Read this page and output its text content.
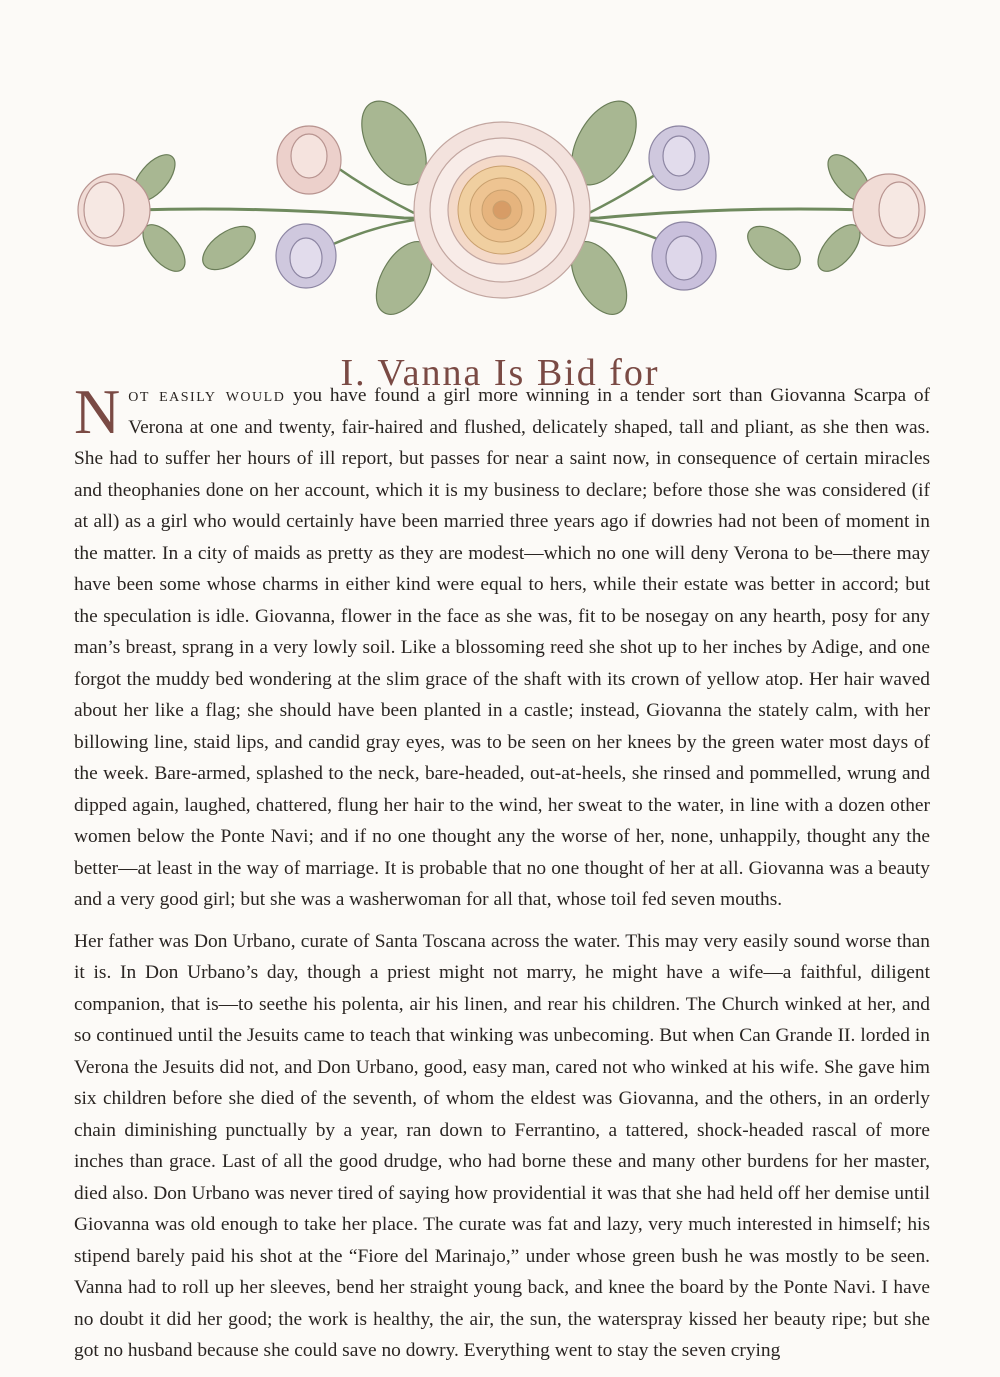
I. Vanna Is Bid for

Not easily would you have found a girl more winning in a tender sort than Giovanna Scarpa of Verona at one and twenty, fair-haired and flushed, delicately shaped, tall and pliant, as she then was. She had to suffer her hours of ill report, but passes for near a saint now, in consequence of certain miracles and theophanies done on her account, which it is my business to declare; before those she was considered (if at all) as a girl who would certainly have been married three years ago if dowries had not been of moment in the matter. In a city of maids as pretty as they are modest—which no one will deny Verona to be—there may have been some whose charms in either kind were equal to hers, while their estate was better in accord; but the speculation is idle. Giovanna, flower in the face as she was, fit to be nosegay on any hearth, posy for any man’s breast, sprang in a very lowly soil. Like a blossoming reed she shot up to her inches by Adige, and one forgot the muddy bed wondering at the slim grace of the shaft with its crown of yellow atop. Her hair waved about her like a flag; she should have been planted in a castle; instead, Giovanna the stately calm, with her billowing line, staid lips, and candid gray eyes, was to be seen on her knees by the green water most days of the week. Bare-armed, splashed to the neck, bare-headed, out-at-heels, she rinsed and pommelled, wrung and dipped again, laughed, chattered, flung her hair to the wind, her sweat to the water, in line with a dozen other women below the Ponte Navi; and if no one thought any the worse of her, none, unhappily, thought any the better—at least in the way of marriage. It is probable that no one thought of her at all. Giovanna was a beauty and a very good girl; but she was a washerwoman for all that, whose toil fed seven mouths.

Her father was Don Urbano, curate of Santa Toscana across the water. This may very easily sound worse than it is. In Don Urbano’s day, though a priest might not marry, he might have a wife—a faithful, diligent companion, that is—to seethe his polenta, air his linen, and rear his children. The Church winked at her, and so continued until the Jesuits came to teach that winking was unbecoming. But when Can Grande II. lorded in Verona the Jesuits did not, and Don Urbano, good, easy man, cared not who winked at his wife. She gave him six children before she died of the seventh, of whom the eldest was Giovanna, and the others, in an orderly chain diminishing punctually by a year, ran down to Ferrantino, a tattered, shock-headed rascal of more inches than grace. Last of all the good drudge, who had borne these and many other burdens for her master, died also. Don Urbano was never tired of saying how providential it was that she had held off her demise until Giovanna was old enough to take her place. The curate was fat and lazy, very much interested in himself; his stipend barely paid his shot at the “Fiore del Marinajo,” under whose green bush he was mostly to be seen. Vanna had to roll up her sleeves, bend her straight young back, and knee the board by the Ponte Navi. I have no doubt it did her good; the work is healthy, the air, the sun, the waterspray kissed her beauty ripe; but she got no husband because she could save no dowry. Everything went to stay the seven crying
